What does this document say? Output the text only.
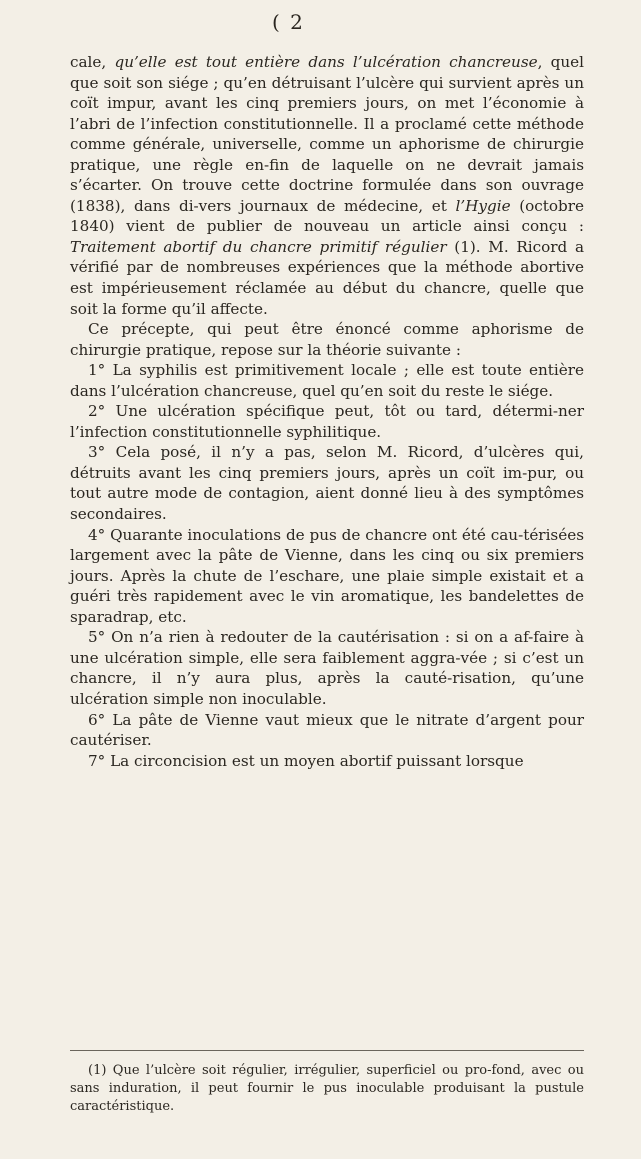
( 2

cale, qu’elle est tout entière dans l’ulcération chancreuse, quel que soit son siége ; qu’en détruisant l’ulcère qui survient après un coït impur, avant les cinq premiers jours, on met l’économie à l’abri de l’infection constitutionnelle. Il a proclamé cette méthode comme générale, universelle, comme un aphorisme de chirurgie pratique, une règle en-fin de laquelle on ne devrait jamais s’écarter. On trouve cette doctrine formulée dans son ouvrage (1838), dans di-vers journaux de médecine, et l’Hygie (octobre 1840) vient de publier de nouveau un article ainsi conçu : Traitement abortif du chancre primitif régulier (1). M. Ricord a vérifié par de nombreuses expériences que la méthode abortive est impérieusement réclamée au début du chancre, quelle que soit la forme qu’il affecte.

Ce précepte, qui peut être énoncé comme aphorisme de chirurgie pratique, repose sur la théorie suivante :

1° La syphilis est primitivement locale ; elle est toute entière dans l’ulcération chancreuse, quel qu’en soit du reste le siége.

2° Une ulcération spécifique peut, tôt ou tard, détermi-ner l’infection constitutionnelle syphilitique.

3° Cela posé, il n’y a pas, selon M. Ricord, d’ulcères qui, détruits avant les cinq premiers jours, après un coït im-pur, ou tout autre mode de contagion, aient donné lieu à des symptômes secondaires.

4° Quarante inoculations de pus de chancre ont été cau-térisées largement avec la pâte de Vienne, dans les cinq ou six premiers jours. Après la chute de l’eschare, une plaie simple existait et a guéri très rapidement avec le vin aromatique, les bandelettes de sparadrap, etc.

5° On n’a rien à redouter de la cautérisation : si on a af-faire à une ulcération simple, elle sera faiblement aggra-vée ; si c’est un chancre, il n’y aura plus, après la cauté-risation, qu’une ulcération simple non inoculable.

6° La pâte de Vienne vaut mieux que le nitrate d’argent pour cautériser.

7° La circoncision est un moyen abortif puissant lorsque

(1) Que l’ulcère soit régulier, irrégulier, superficiel ou pro-fond, avec ou sans induration, il peut fournir le pus inoculable produisant la pustule caractéristique.
